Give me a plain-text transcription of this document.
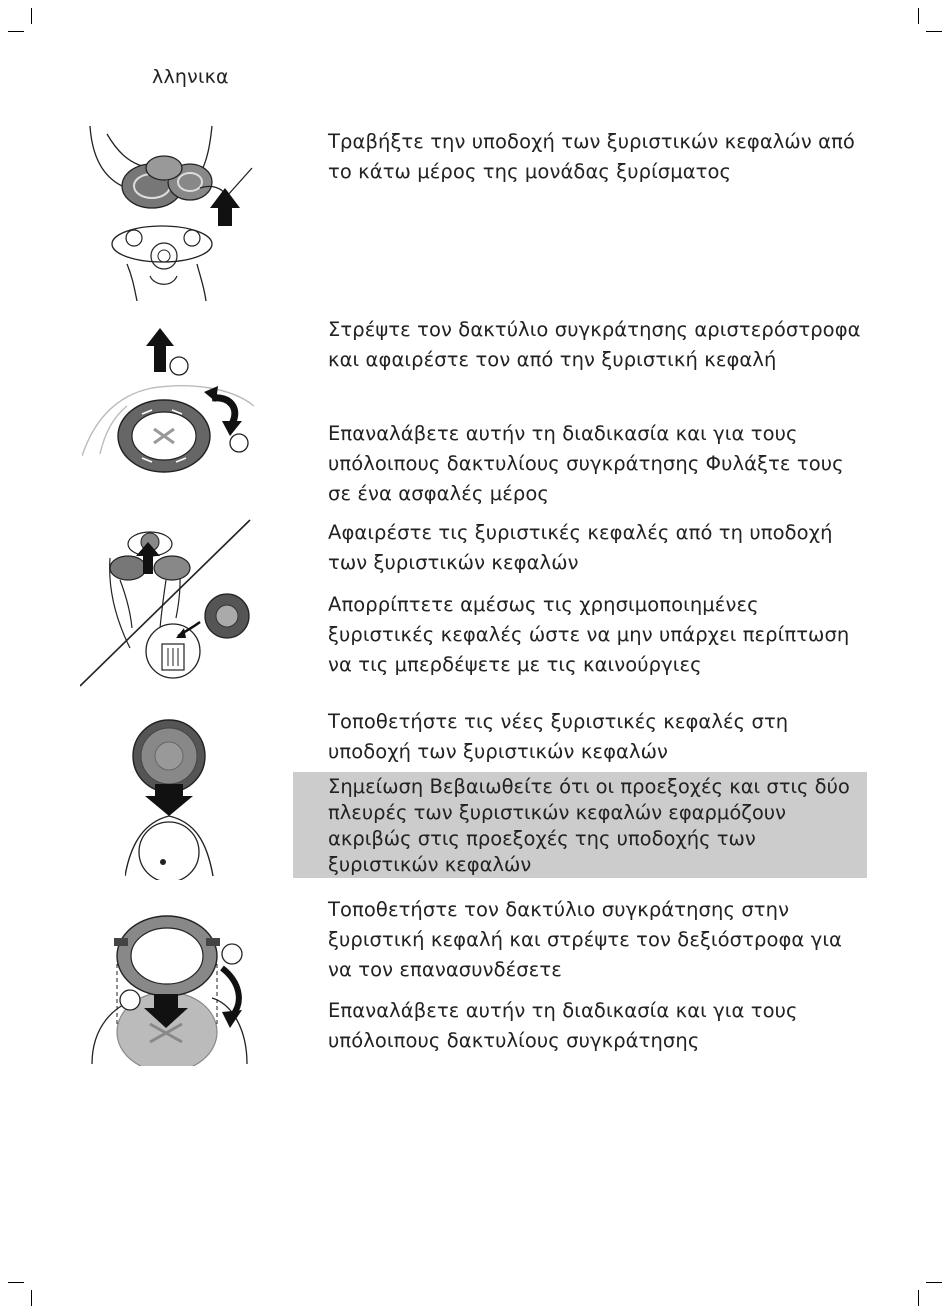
λληνικα
Τραβήξτε την υποδοχή των ξυριστικών κεφαλών από το κάτω μέρος της μονάδας ξυρίσματος
Στρέψτε τον δακτύλιο συγκράτησης αριστερόστροφα και αφαιρέστε τον από την ξυριστική κεφαλή
Επαναλάβετε αυτήν τη διαδικασία και για τους υπόλοιπους δακτυλίους συγκράτησης Φυλάξτε τους σε ένα ασφαλές μέρος
Αφαιρέστε τις ξυριστικές κεφαλές από τη υποδοχή των ξυριστικών κεφαλών
Απορρίπτετε αμέσως τις χρησιμοποιημένες ξυριστικές κεφαλές ώστε να μην υπάρχει περίπτωση να τις μπερδέψετε με τις καινούργιες
Τοποθετήστε τις νέες ξυριστικές κεφαλές στη υποδοχή των ξυριστικών κεφαλών
Σημείωση Βεβαιωθείτε ότι οι προεξοχές και στις δύο πλευρές των ξυριστικών κεφαλών εφαρμόζουν ακριβώς στις προεξοχές της υποδοχής των ξυριστικών κεφαλών
Τοποθετήστε τον δακτύλιο συγκράτησης στην ξυριστική κεφαλή και στρέψτε τον δεξιόστροφα για να τον επανασυνδέσετε
Επαναλάβετε αυτήν τη διαδικασία και για τους υπόλοιπους δακτυλίους συγκράτησης
